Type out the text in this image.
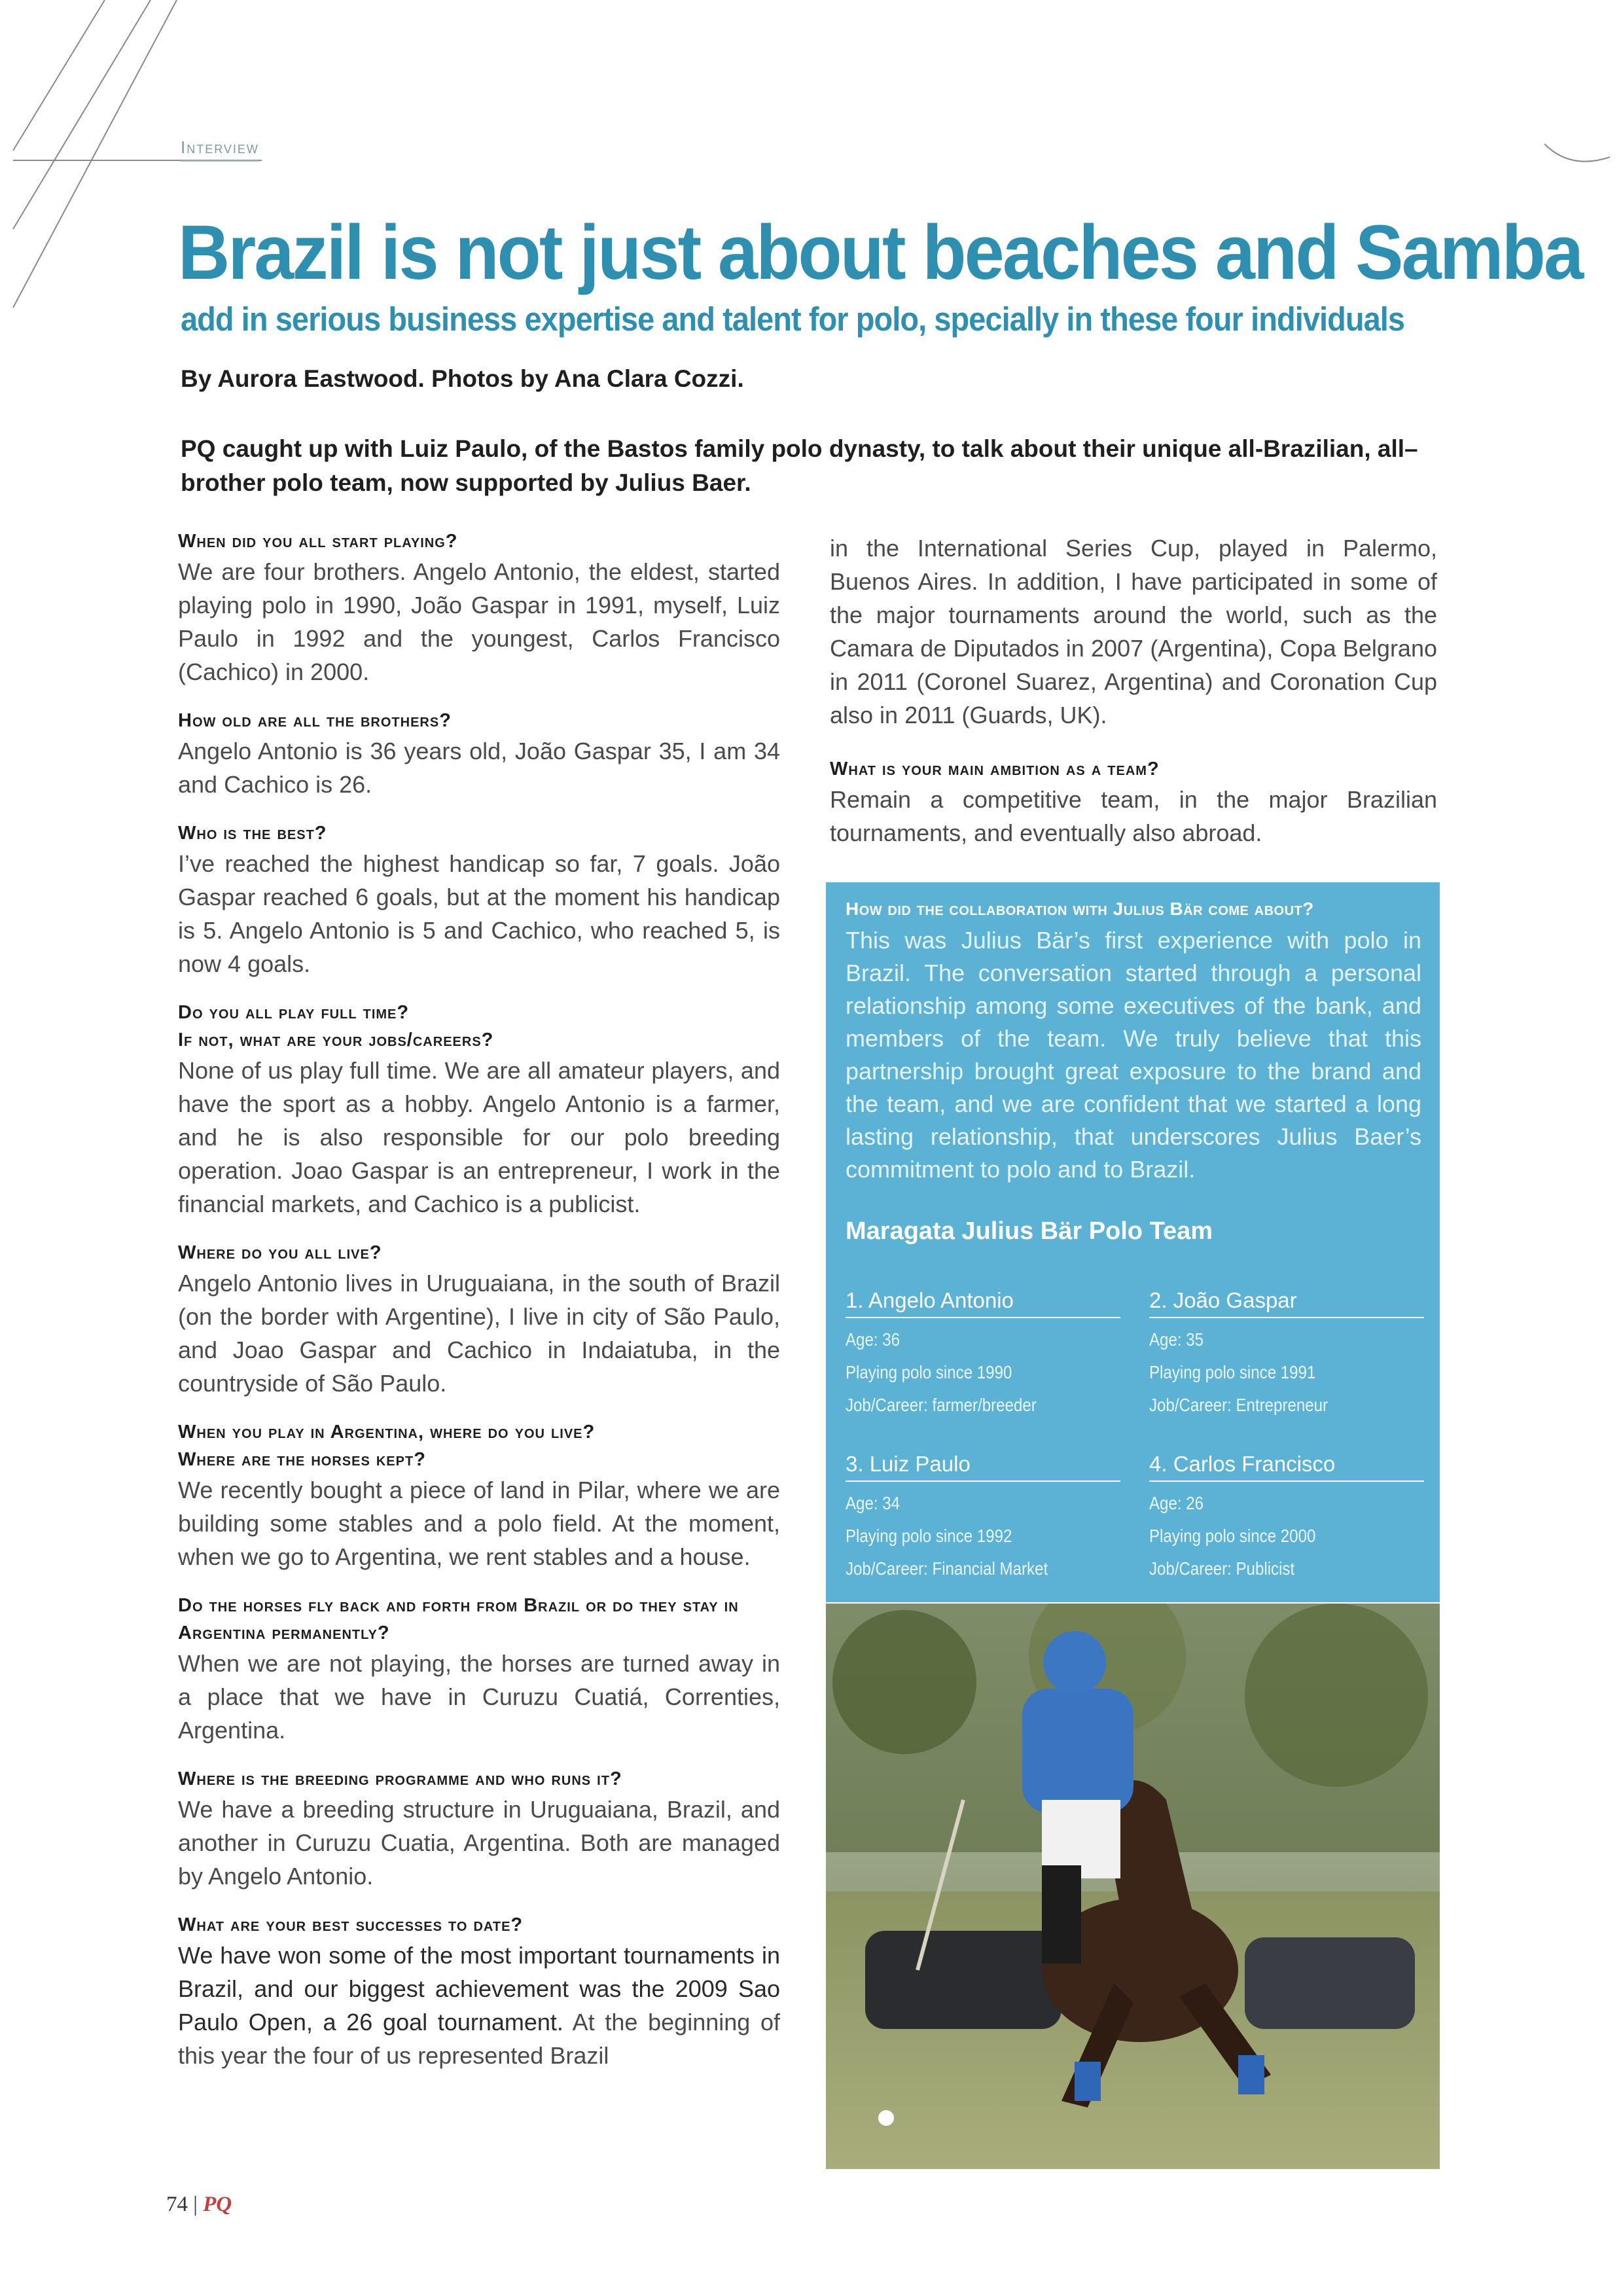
Interview
Brazil is not just about beaches and Samba
add in serious business expertise and talent for polo, specially in these four individuals
By Aurora Eastwood. Photos by Ana Clara Cozzi.
PQ caught up with Luiz Paulo, of the Bastos family polo dynasty, to talk about their unique all-Brazilian, all–brother polo team, now supported by Julius Baer.
When did you all start playing?

We are four brothers. Angelo Antonio, the eldest, started playing polo in 1990, João Gaspar in 1991, myself, Luiz Paulo in 1992 and the youngest, Carlos Francisco (Cachico) in 2000.

How old are all the brothers?

Angelo Antonio is 36 years old, João Gaspar 35, I am 34 and Cachico is 26.

Who is the best?

I’ve reached the highest handicap so far, 7 goals. João Gaspar reached 6 goals, but at the moment his handicap is 5. Angelo Antonio is 5 and Cachico, who reached 5, is now 4 goals.

Do you all play full time?
If not, what are your jobs/careers?

None of us play full time. We are all amateur players, and have the sport as a hobby. Angelo Antonio is a farmer, and he is also responsible for our polo breeding operation. Joao Gaspar is an entrepreneur, I work in the financial markets, and Cachico is a publicist.

Where do you all live?

Angelo Antonio lives in Uruguaiana, in the south of Brazil (on the border with Argentine), I live in city of São Paulo, and Joao Gaspar and Cachico in Indaiatuba, in the countryside of São Paulo.

When you play in Argentina, where do you live?
Where are the horses kept?

We recently bought a piece of land in Pilar, where we are building some stables and a polo field. At the moment, when we go to Argentina, we rent stables and a house.

Do the horses fly back and forth from Brazil or do they stay in Argentina permanently?

When we are not playing, the horses are turned away in a place that we have in Curuzu Cuatiá, Correnties, Argentina.

Where is the breeding programme and who runs it?

We have a breeding structure in Uruguaiana, Brazil, and another in Curuzu Cuatia, Argentina. Both are managed by Angelo Antonio.

What are your best successes to date?

We have won some of the most important tournaments in Brazil, and our biggest achievement was the 2009 Sao Paulo Open, a 26 goal tournament. At the beginning of this year the four of us represented Brazil

in the International Series Cup, played in Palermo, Buenos Aires. In addition, I have participated in some of the major tournaments around the world, such as the Camara de Diputados in 2007 (Argentina), Copa Belgrano in 2011 (Coronel Suarez, Argentina) and Coronation Cup also in 2011 (Guards, UK).

What is your main ambition as a team?

Remain a competitive team, in the major Brazilian tournaments, and eventually also abroad.

How did the collaboration with Julius Bär come about?

This was Julius Bär’s first experience with polo in Brazil. The conversation started through a personal relationship among some executives of the bank, and members of the team. We truly believe that this partnership brought great exposure to the brand and the team, and we are confident that we started a long lasting relationship, that underscores Julius Baer’s commitment to polo and to Brazil.

Maragata Julius Bär Polo Team
1. Angelo Antonio
Age: 36
Playing polo since 1990
Job/Career: farmer/breeder
2. João Gaspar
Age: 35
Playing polo since 1991
Job/Career: Entrepreneur
3. Luiz Paulo
Age: 34
Playing polo since 1992
Job/Career: Financial Market
4. Carlos Francisco
Age: 26
Playing polo since 2000
Job/Career: Publicist
74 | PQ
